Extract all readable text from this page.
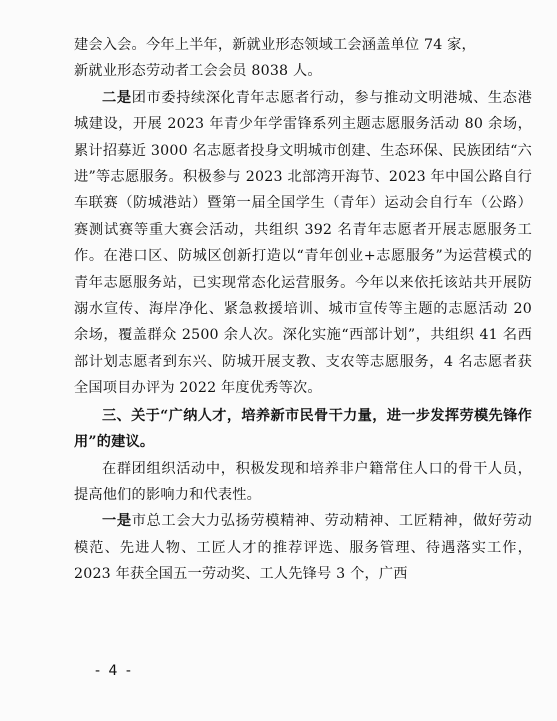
建会入会。今年上半年，新就业形态领域工会涵盖单位 74 家，

新就业形态劳动者工会会员 8038 人。

二是团市委持续深化青年志愿者行动，参与推动文明港城、生态港城建设，开展 2023 年青少年学雷锋系列主题志愿服务活动 80 余场，累计招募近 3000 名志愿者投身文明城市创建、生态环保、民族团结“六进”等志愿服务。积极参与 2023 北部湾开海节、2023 年中国公路自行车联赛（防城港站）暨第一届全国学生（青年）运动会自行车（公路）赛测试赛等重大赛会活动，共组织 392 名青年志愿者开展志愿服务工作。在港口区、防城区创新打造以“青年创业+志愿服务”为运营模式的青年志愿服务站，已实现常态化运营服务。今年以来依托该站共开展防溺水宣传、海岸净化、紧急救援培训、城市宣传等主题的志愿活动 20 余场，覆盖群众 2500 余人次。深化实施“西部计划”，共组织 41 名西部计划志愿者到东兴、防城开展支教、支农等志愿服务，4 名志愿者获全国项目办评为 2022 年度优秀等次。

三、关于“广纳人才，培养新市民骨干力量，进一步发挥劳模先锋作用”的建议。

在群团组织活动中，积极发现和培养非户籍常住人口的骨干人员，提高他们的影响力和代表性。

一是市总工会大力弘扬劳模精神、劳动精神、工匠精神，做好劳动模范、先进人物、工匠人才的推荐评选、服务管理、待遇落实工作，2023 年获全国五一劳动奖、工人先锋号 3 个，广西

- 4 -
